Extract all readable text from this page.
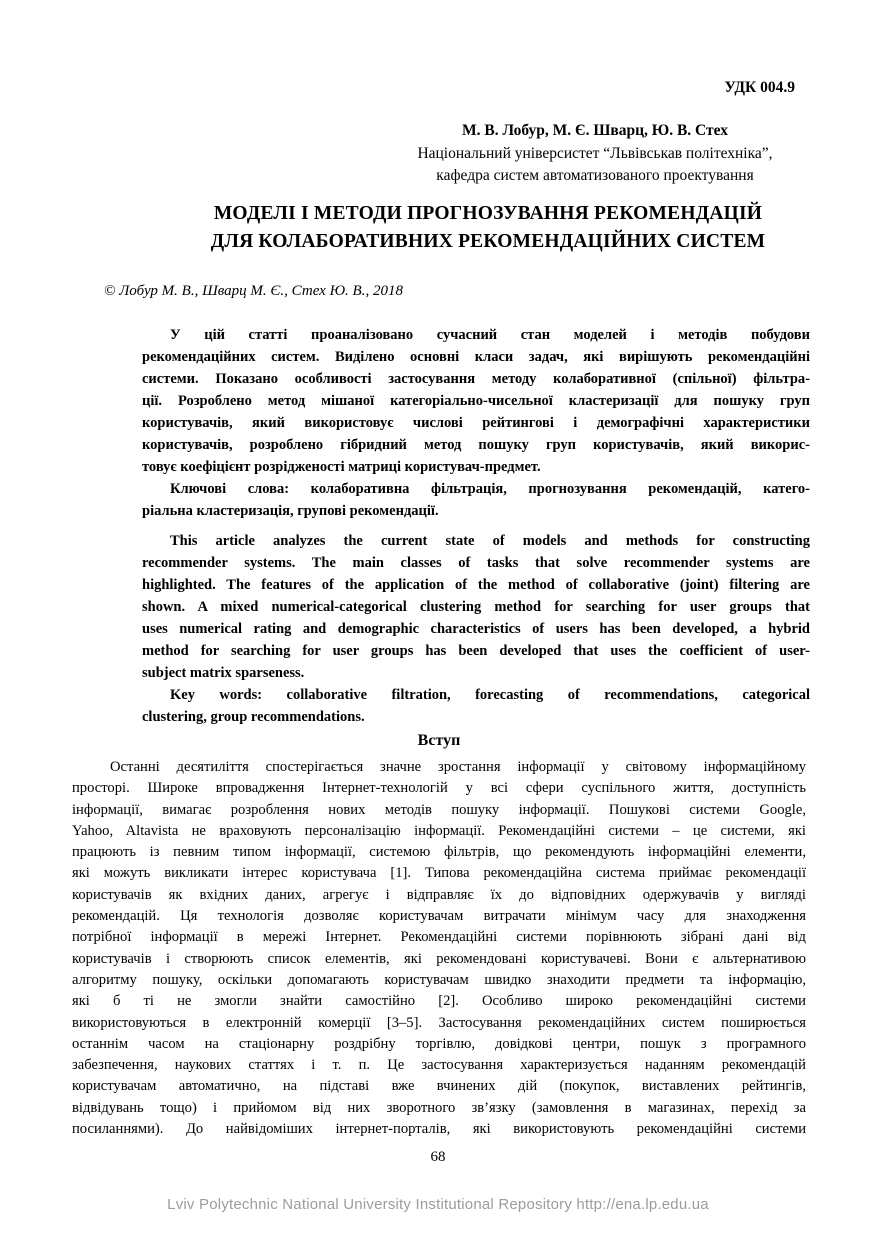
УДК 004.9
М. В. Лобур, М. Є. Шварц, Ю. В. Стех
Національний універсистет “Львівськав політехніка”,
кафедра систем автоматизованого проектування
МОДЕЛІ І МЕТОДИ ПРОГНОЗУВАННЯ РЕКОМЕНДАЦІЙ
ДЛЯ КОЛАБОРАТИВНИХ РЕКОМЕНДАЦІЙНИХ СИСТЕМ
© Лобур М. В., Шварц М. Є., Стех Ю. В., 2018
У цій статті проаналізовано сучасний стан моделей і методів побудови
рекомендаційних систем. Виділено основні класи задач, які вирішують рекомендаційні
системи. Показано особливості застосування методу колаборативної (спільної) фільтра-
ції. Розроблено метод мішаної категоріально-чисельної кластеризації для пошуку груп
користувачів, який використовує числові рейтингові і демографічні характеристики
користувачів, розроблено гібридний метод пошуку груп користувачів, який викорис-
товує коефіцієнт розрідженості матриці користувач-предмет.
Ключові слова: колаборативна фільтрація, прогнозування рекомендацій, катего-
ріальна кластеризація, групові рекомендації.
This article analyzes the current state of models and methods for constructing
recommender systems. The main classes of tasks that solve recommender systems are
highlighted. The features of the application of the method of collaborative (joint) filtering are
shown. A mixed numerical-categorical clustering method for searching for user groups that
uses numerical rating and demographic characteristics of users has been developed, a hybrid
method for searching for user groups has been developed that uses the coefficient of user-
subject matrix sparseness.
Key words: collaborative filtration, forecasting of recommendations, categorical
clustering, group recommendations.
Вступ
Останні десятиліття спостерігається значне зростання інформації у світовому інформаційному
просторі. Широке впровадження Інтернет-технологій у всі сфери суспільного життя, доступність
інформації, вимагає розроблення нових методів пошуку інформації. Пошукові системи Google,
Yahoo, Altavista не враховують персоналізацію інформації. Рекомендаційні системи – це системи, які
працюють із певним типом інформації, системою фільтрів, що рекомендують інформаційні елементи,
які можуть викликати інтерес користувача [1]. Типова рекомендаційна система приймає рекомендації
користувачів як вхідних даних, агрегує і відправляє їх до відповідних одержувачів у вигляді
рекомендацій. Ця технологія дозволяє користувачам витрачати мінімум часу для знаходження
потрібної інформації в мережі Інтернет. Рекомендаційні системи порівнюють зібрані дані від
користувачів і створюють список елементів, які рекомендовані користувачеві. Вони є альтернативою
алгоритму пошуку, оскільки допомагають користувачам швидко знаходити предмети та інформацію,
які б ті не змогли знайти самостійно [2]. Особливо широко рекомендаційні системи
використовуються в електронній комерції [3–5]. Застосування рекомендаційних систем поширюється
останнім часом на стаціонарну роздрібну торгівлю, довідкові центри, пошук з програмного
забезпечення, наукових статтях і т. п. Це застосування характеризується наданням рекомендацій
користувачам автоматично, на підставі вже вчинених дій (покупок, виставлених рейтингів,
відвідувань тощо) і прийомом від них зворотного зв’язку (замовлення в магазинах, перехід за
посиланнями). До найвідоміших інтернет-порталів, які використовують рекомендаційні системи
68
Lviv Polytechnic National University Institutional Repository http://ena.lp.edu.ua
